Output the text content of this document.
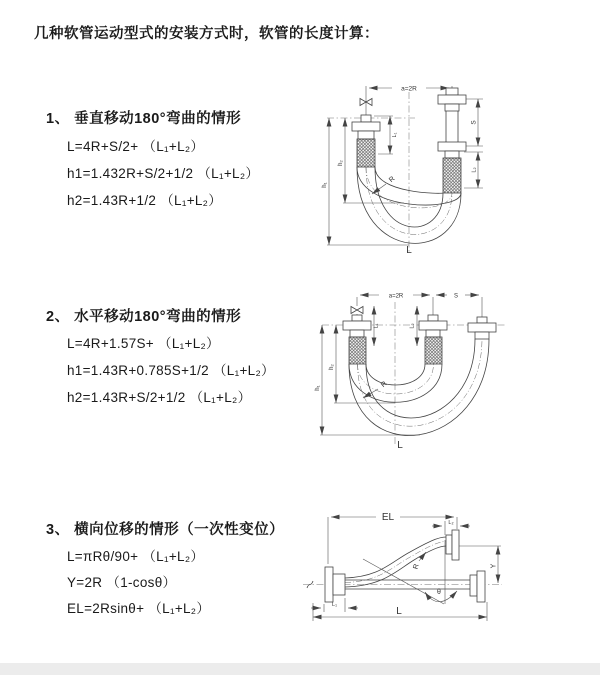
几种软管运动型式的安装方式时，软管的长度计算：
1、 垂直移动180°弯曲的情形
L=4R+S/2+ （L₁+L₂）
h1=1.432R+S/2+1/2 （L₁+L₂）
h2=1.43R+1/2 （L₁+L₂）
2、 水平移动180°弯曲的情形
L=4R+1.57S+ （L₁+L₂）
h1=1.43R+0.785S+1/2 （L₁+L₂）
h2=1.43R+S/2+1/2 （L₁+L₂）
3、 横向位移的情形（一次性变位）
L=πRθ/90+ （L₁+L₂）
Y=2R （1-cosθ）
EL=2Rsinθ+ （L₁+L₂）
a=2R
L₁
S
L₂
h₁
h₂
R
L
a=2R	S
L₁	L₂
h₁
h₂
R
L
EL	L₂
θ
R	Y
L
L₁
